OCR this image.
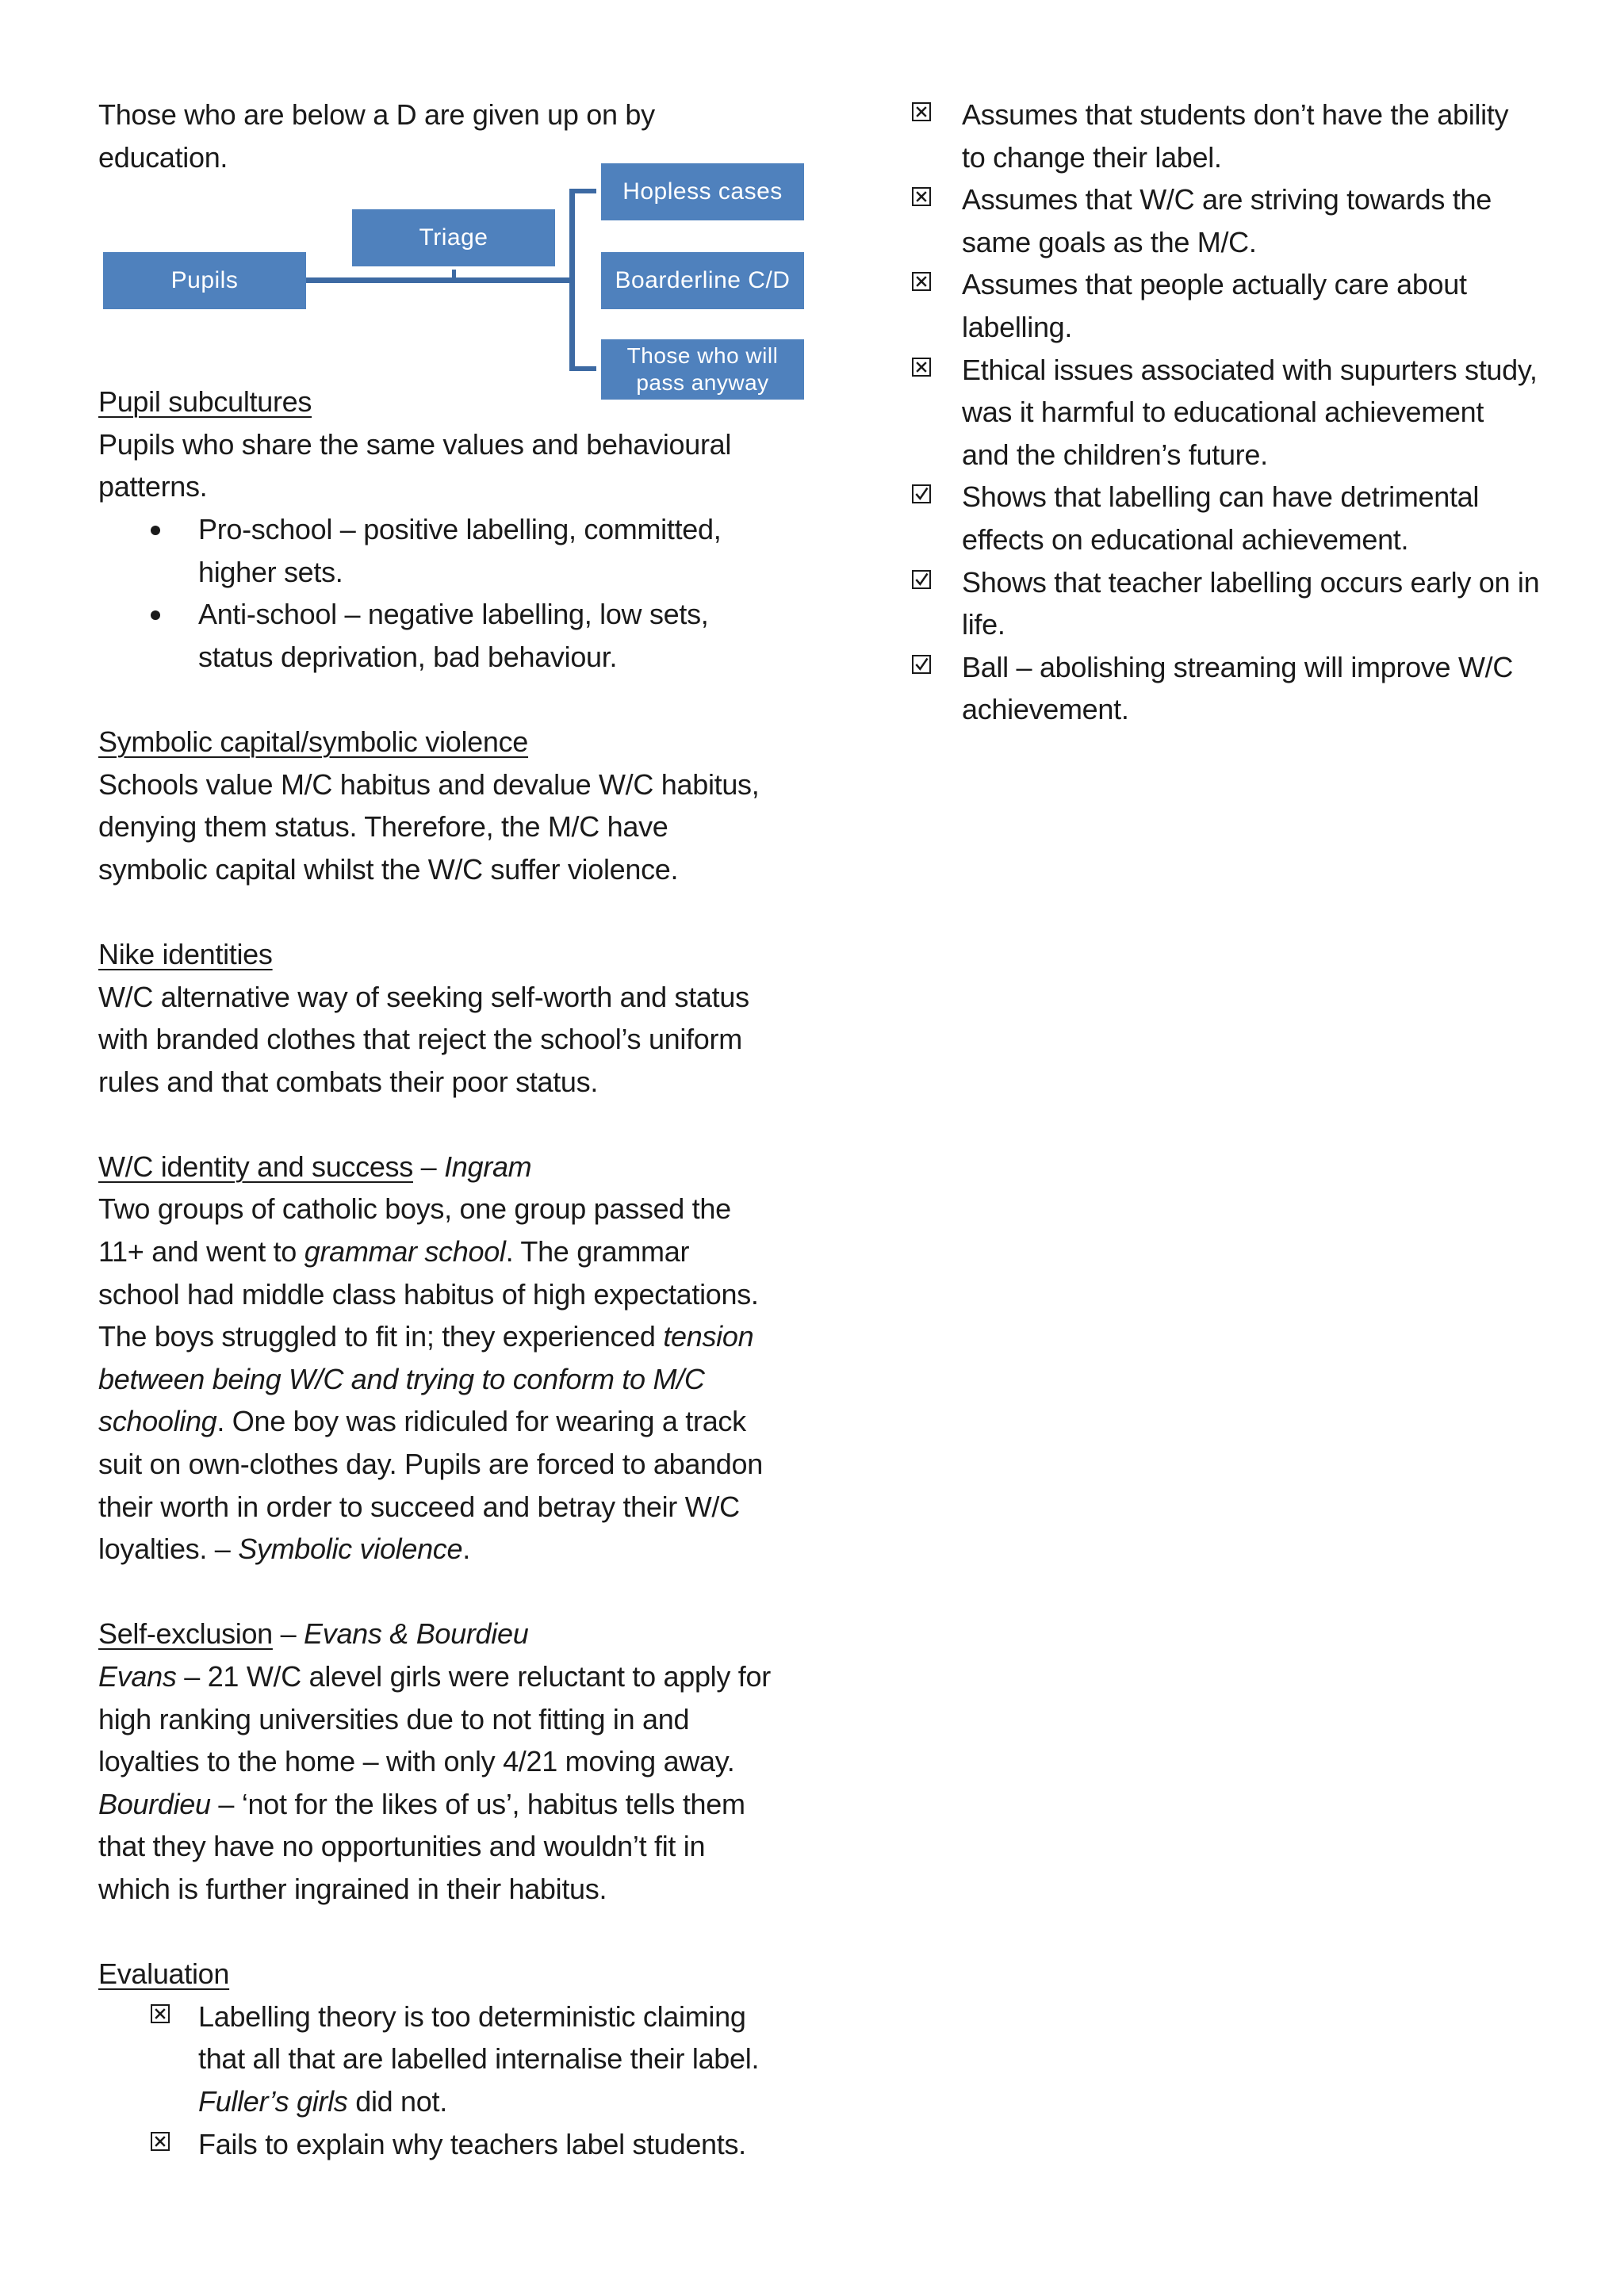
Those who are below a D are given up on by
education.

Pupil subcultures

Pupils who share the same values and behavioural
patterns.

Pro-school – positive labelling, committed,
higher sets.
Anti-school – negative labelling, low sets,
status deprivation, bad behaviour.

Symbolic capital/symbolic violence

Schools value M/C habitus and devalue W/C habitus,
denying them status. Therefore, the M/C have
symbolic capital whilst the W/C suffer violence.

Nike identities

W/C alternative way of seeking self-worth and status
with branded clothes that reject the school’s uniform
rules and that combats their poor status.

W/C identity and success – Ingram

Two groups of catholic boys, one group passed the
11+ and went to grammar school. The grammar
school had middle class habitus of high expectations.
The boys struggled to fit in; they experienced tension
between being W/C and trying to conform to M/C
schooling. One boy was ridiculed for wearing a track
suit on own-clothes day. Pupils are forced to abandon
their worth in order to succeed and betray their W/C
loyalties. – Symbolic violence.

Self-exclusion – Evans & Bourdieu

Evans – 21 W/C alevel girls were reluctant to apply for
high ranking universities due to not fitting in and
loyalties to the home – with only 4/21 moving away.
Bourdieu – ‘not for the likes of us’, habitus tells them
that they have no opportunities and wouldn’t fit in
which is further ingrained in their habitus.

Evaluation

Labelling theory is too deterministic claiming
that all that are labelled internalise their label.
Fuller’s girls did not.
Fails to explain why teachers label students.
Pupils
Triage
Hopless cases
Boarderline C/D
Those who will
pass anyway
Assumes that students don’t have the ability
to change their label.
Assumes that W/C are striving towards the
same goals as the M/C.
Assumes that people actually care about
labelling.
Ethical issues associated with supurters study,
was it harmful to educational achievement
and the children’s future.
Shows that labelling can have detrimental
effects on educational achievement.
Shows that teacher labelling occurs early on in
life.
Ball – abolishing streaming will improve W/C
achievement.
